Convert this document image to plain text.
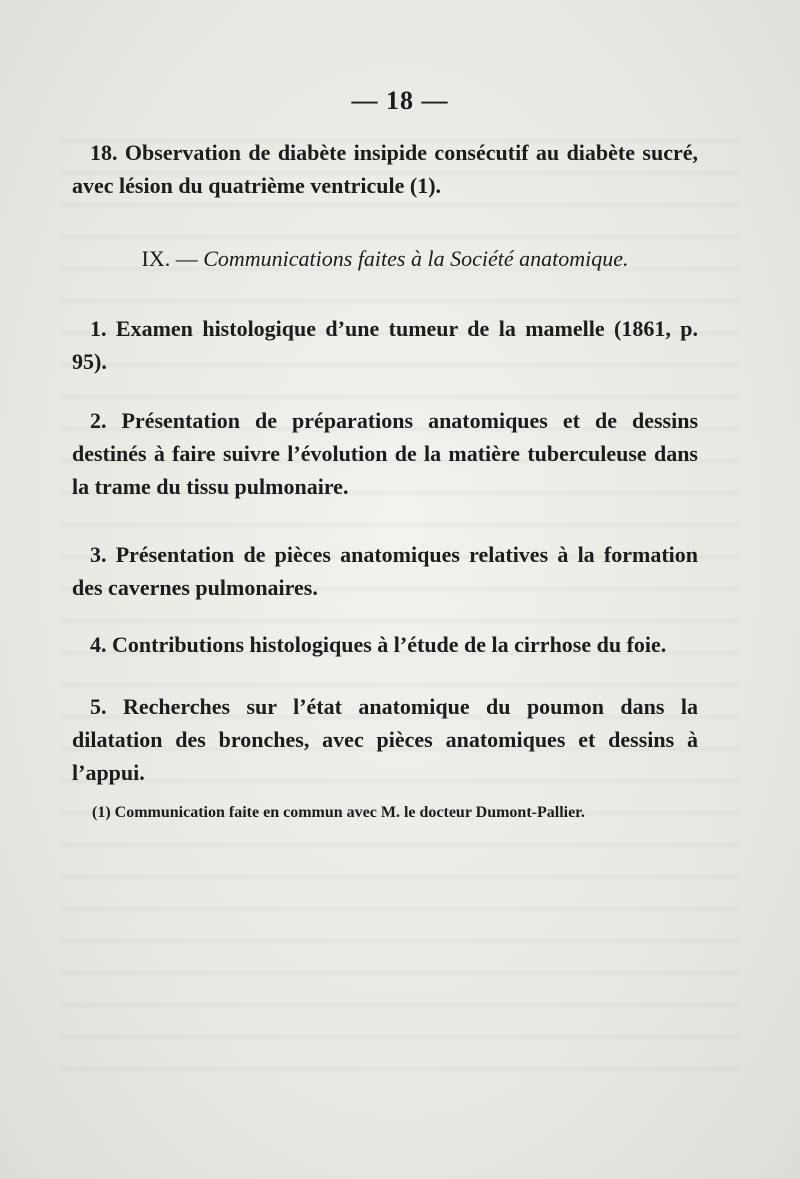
— 18 —
18. Observation de diabète insipide consécutif au diabète sucré, avec lésion du quatrième ventricule (1).
IX. — Communications faites à la Société anatomique.
1. Examen histologique d’une tumeur de la mamelle (1861, p. 95).
2. Présentation de préparations anatomiques et de dessins destinés à faire suivre l’évolution de la matière tuberculeuse dans la trame du tissu pulmonaire.
3. Présentation de pièces anatomiques relatives à la formation des cavernes pulmonaires.
4. Contributions histologiques à l’étude de la cirrhose du foie.
5. Recherches sur l’état anatomique du poumon dans la dilatation des bronches, avec pièces anatomiques et dessins à l’appui.
(1) Communication faite en commun avec M. le docteur Dumont-Pallier.
